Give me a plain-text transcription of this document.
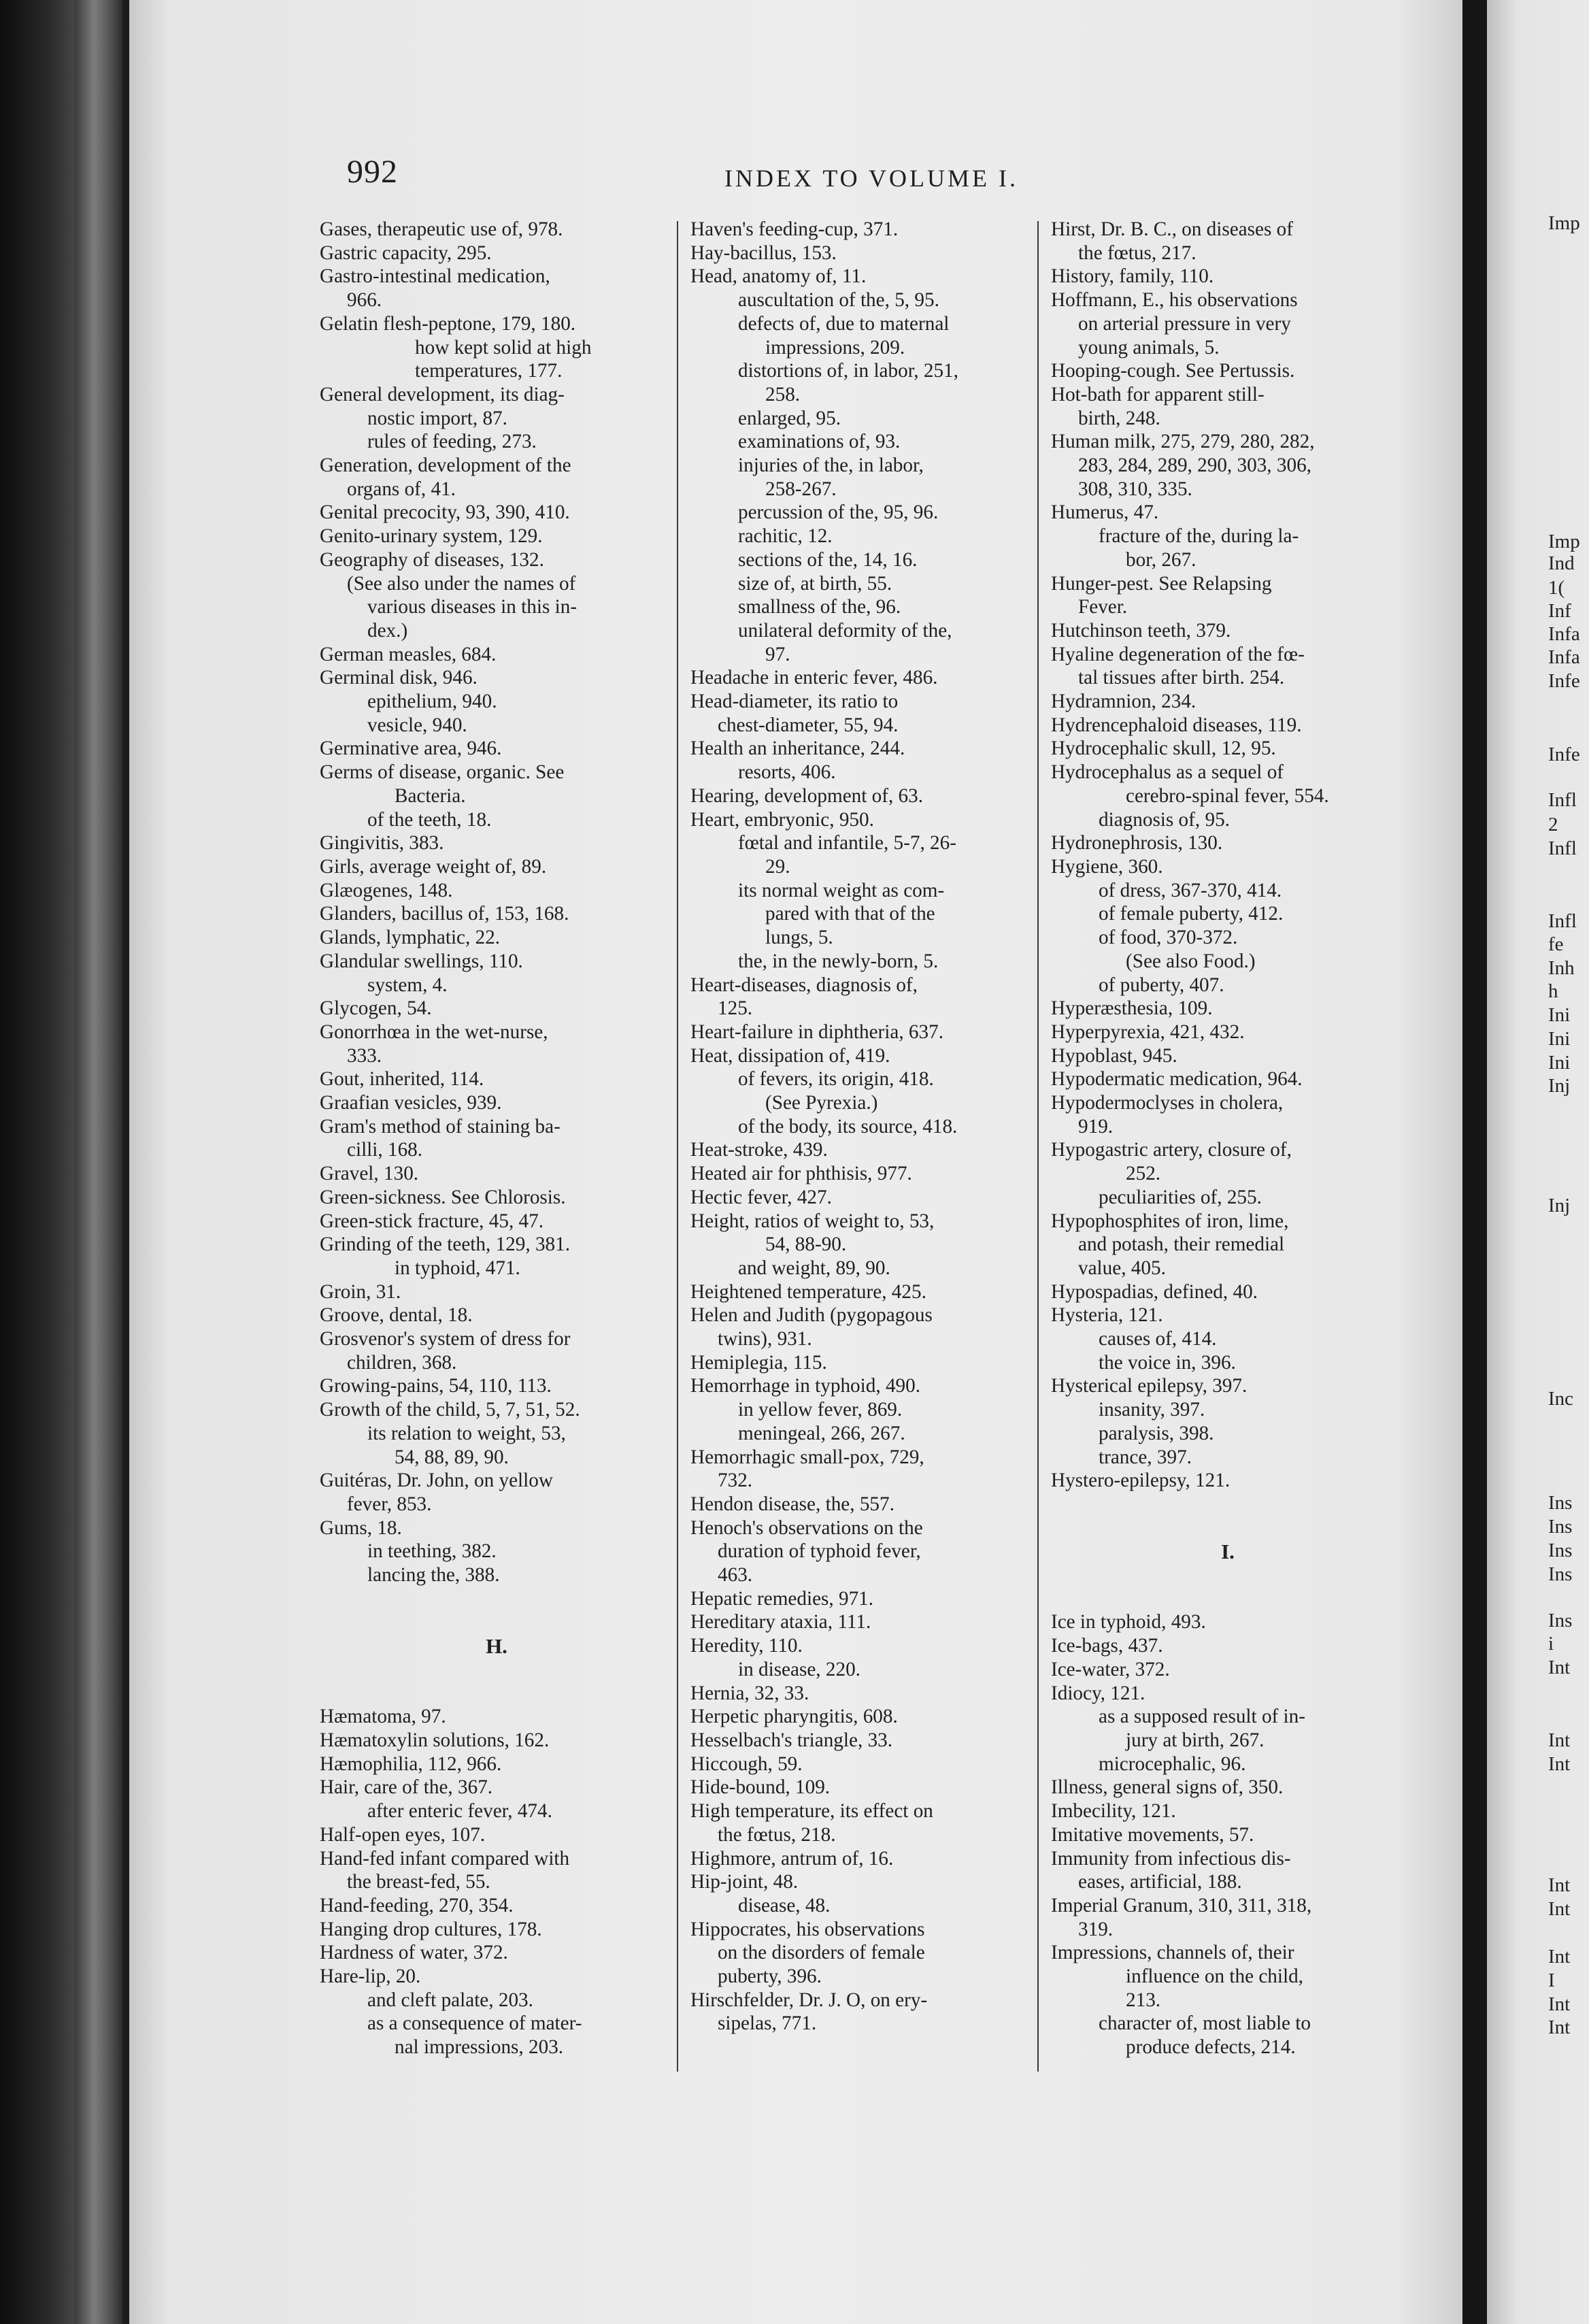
992	INDEX TO VOLUME I.
Gases, therapeutic use of, 978.
Gastric capacity, 295.
Gastro-intestinal medication,
966.
Gelatin flesh-peptone, 179, 180.
how kept solid at high
temperatures, 177.
General development, its diag-
nostic import, 87.
rules of feeding, 273.
Generation, development of the
organs of, 41.
Genital precocity, 93, 390, 410.
Genito-urinary system, 129.
Geography of diseases, 132.
(See also under the names of
various diseases in this in-
dex.)
German measles, 684.
Germinal disk, 946.
epithelium, 940.
vesicle, 940.
Germinative area, 946.
Germs of disease, organic. See
Bacteria.
of the teeth, 18.
Gingivitis, 383.
Girls, average weight of, 89.
Glæogenes, 148.
Glanders, bacillus of, 153, 168.
Glands, lymphatic, 22.
Glandular swellings, 110.
system, 4.
Glycogen, 54.
Gonorrhœa in the wet-nurse,
333.
Gout, inherited, 114.
Graafian vesicles, 939.
Gram's method of staining ba-
cilli, 168.
Gravel, 130.
Green-sickness. See Chlorosis.
Green-stick fracture, 45, 47.
Grinding of the teeth, 129, 381.
in typhoid, 471.
Groin, 31.
Groove, dental, 18.
Grosvenor's system of dress for
children, 368.
Growing-pains, 54, 110, 113.
Growth of the child, 5, 7, 51, 52.
its relation to weight, 53,
54, 88, 89, 90.
Guitéras, Dr. John, on yellow
fever, 853.
Gums, 18.
in teething, 382.
lancing the, 388.
H.
Hæmatoma, 97.
Hæmatoxylin solutions, 162.
Hæmophilia, 112, 966.
Hair, care of the, 367.
after enteric fever, 474.
Half-open eyes, 107.
Hand-fed infant compared with
the breast-fed, 55.
Hand-feeding, 270, 354.
Hanging drop cultures, 178.
Hardness of water, 372.
Hare-lip, 20.
and cleft palate, 203.
as a consequence of mater-
nal impressions, 203.
Haven's feeding-cup, 371.
Hay-bacillus, 153.
Head, anatomy of, 11.
auscultation of the, 5, 95.
defects of, due to maternal
impressions, 209.
distortions of, in labor, 251,
258.
enlarged, 95.
examinations of, 93.
injuries of the, in labor,
258-267.
percussion of the, 95, 96.
rachitic, 12.
sections of the, 14, 16.
size of, at birth, 55.
smallness of the, 96.
unilateral deformity of the,
97.
Headache in enteric fever, 486.
Head-diameter, its ratio to
chest-diameter, 55, 94.
Health an inheritance, 244.
resorts, 406.
Hearing, development of, 63.
Heart, embryonic, 950.
fœtal and infantile, 5-7, 26-
29.
its normal weight as com-
pared with that of the
lungs, 5.
the, in the newly-born, 5.
Heart-diseases, diagnosis of,
125.
Heart-failure in diphtheria, 637.
Heat, dissipation of, 419.
of fevers, its origin, 418.
(See Pyrexia.)
of the body, its source, 418.
Heat-stroke, 439.
Heated air for phthisis, 977.
Hectic fever, 427.
Height, ratios of weight to, 53,
54, 88-90.
and weight, 89, 90.
Heightened temperature, 425.
Helen and Judith (pygopagous
twins), 931.
Hemiplegia, 115.
Hemorrhage in typhoid, 490.
in yellow fever, 869.
meningeal, 266, 267.
Hemorrhagic small-pox, 729,
732.
Hendon disease, the, 557.
Henoch's observations on the
duration of typhoid fever,
463.
Hepatic remedies, 971.
Hereditary ataxia, 111.
Heredity, 110.
in disease, 220.
Hernia, 32, 33.
Herpetic pharyngitis, 608.
Hesselbach's triangle, 33.
Hiccough, 59.
Hide-bound, 109.
High temperature, its effect on
the fœtus, 218.
Highmore, antrum of, 16.
Hip-joint, 48.
disease, 48.
Hippocrates, his observations
on the disorders of female
puberty, 396.
Hirschfelder, Dr. J. O, on ery-
sipelas, 771.
Hirst, Dr. B. C., on diseases of
the fœtus, 217.
History, family, 110.
Hoffmann, E., his observations
on arterial pressure in very
young animals, 5.
Hooping-cough. See Pertussis.
Hot-bath for apparent still-
birth, 248.
Human milk, 275, 279, 280, 282,
283, 284, 289, 290, 303, 306,
308, 310, 335.
Humerus, 47.
fracture of the, during la-
bor, 267.
Hunger-pest. See Relapsing
Fever.
Hutchinson teeth, 379.
Hyaline degeneration of the fœ-
tal tissues after birth. 254.
Hydramnion, 234.
Hydrencephaloid diseases, 119.
Hydrocephalic skull, 12, 95.
Hydrocephalus as a sequel of
cerebro-spinal fever, 554.
diagnosis of, 95.
Hydronephrosis, 130.
Hygiene, 360.
of dress, 367-370, 414.
of female puberty, 412.
of food, 370-372.
(See also Food.)
of puberty, 407.
Hyperæsthesia, 109.
Hyperpyrexia, 421, 432.
Hypoblast, 945.
Hypodermatic medication, 964.
Hypodermoclyses in cholera,
919.
Hypogastric artery, closure of,
252.
peculiarities of, 255.
Hypophosphites of iron, lime,
and potash, their remedial
value, 405.
Hypospadias, defined, 40.
Hysteria, 121.
causes of, 414.
the voice in, 396.
Hysterical epilepsy, 397.
insanity, 397.
paralysis, 398.
trance, 397.
Hystero-epilepsy, 121.
I.
Ice in typhoid, 493.
Ice-bags, 437.
Ice-water, 372.
Idiocy, 121.
as a supposed result of in-
jury at birth, 267.
microcephalic, 96.
Illness, general signs of, 350.
Imbecility, 121.
Imitative movements, 57.
Immunity from infectious dis-
eases, artificial, 188.
Imperial Granum, 310, 311, 318,
319.
Impressions, channels of, their
influence on the child,
213.
character of, most liable to
produce defects, 214.
Imp
Imp
Ind
1(
Inf
Infa
Infa
Infe
Infe
Infl
2
Infl
Infl
fe
Inh
h
Ini
Ini
Ini
Inj
Inj
Inc
Ins
Ins
Ins
Ins
Ins
i
Int
Int
Int
Int
Int
Int
I
Int
Int
